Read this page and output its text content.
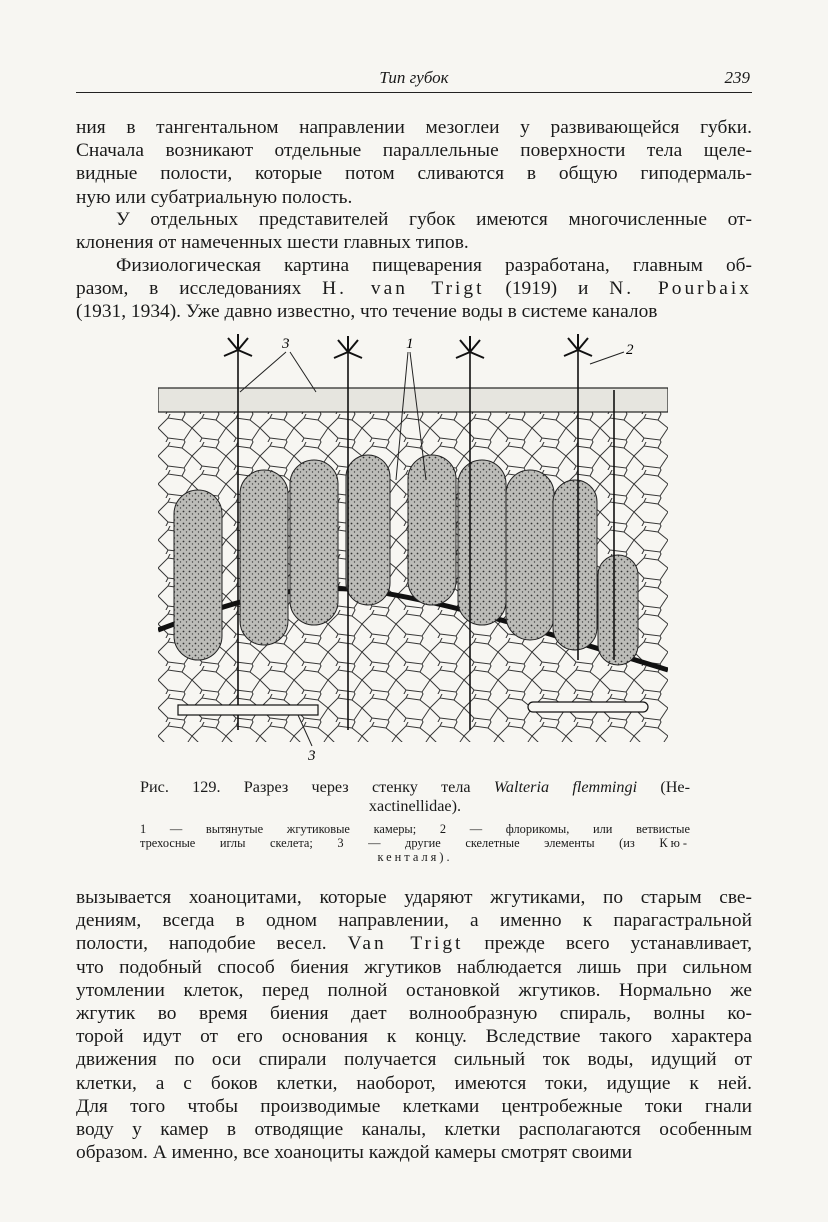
Тип губок	239
ния в тангентальном направлении мезоглеи у развивающейся губки.
Сначала возникают отдельные параллельные поверхности тела щеле-
видные полости, которые потом сливаются в общую гиподермаль-
ную или субатриальную полость.
У отдельных представителей губок имеются многочисленные от-
клонения от намеченных шести главных типов.
Физиологическая картина пищеварения разработана, главным об-
разом, в исследованиях H. van Trigt (1919) и N. Pourbaix
(1931, 1934). Уже давно известно, что течение воды в системе каналов
3	1	2
3
Рис. 129. Разрез через стенку тела Walteria flemmingi (He-
xactinellidae).
1 — вытянутые жгутиковые камеры; 2 — флорикомы, или ветвистые
трехосные иглы скелета; 3 — другие скелетные элементы (из Кю-
кенталя).
вызывается хоаноцитами, которые ударяют жгутиками, по старым све-
дениям, всегда в одном направлении, а именно к парагастральной
полости, наподобие весел. Van Trigt прежде всего устанавливает,
что подобный способ биения жгутиков наблюдается лишь при сильном
утомлении клеток, перед полной остановкой жгутиков. Нормально же
жгутик во время биения дает волнообразную спираль, волны ко-
торой идут от его основания к концу. Вследствие такого характера
движения по оси спирали получается сильный ток воды, идущий от
клетки, а с боков клетки, наоборот, имеются токи, идущие к ней.
Для того чтобы производимые клетками центробежные токи гнали
воду у камер в отводящие каналы, клетки располагаются особенным
образом. А именно, все хоаноциты каждой камеры смотрят своими
